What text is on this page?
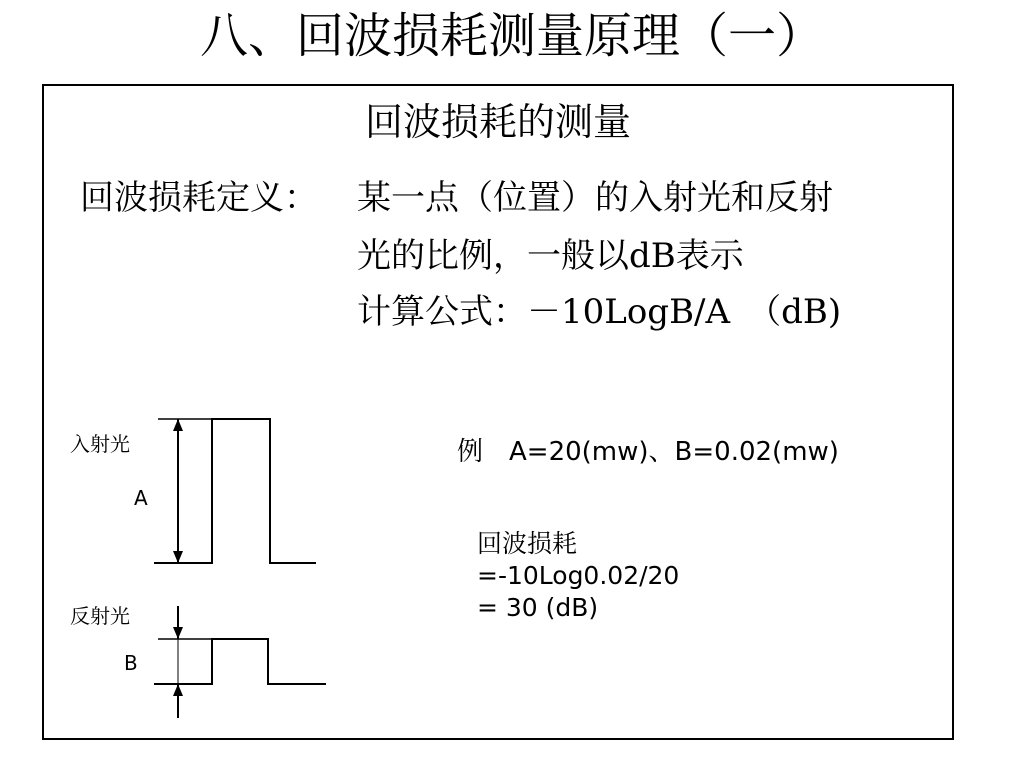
八、回波损耗测量原理（一）
回波损耗的测量
回波损耗定义： 某一点（位置）的入射光和反射
光的比例，一般以dB表示
计算公式：－10LogB/A　（dB)
入射光
A
反射光
B
例　A=20(mw)、B=0.02(mw)
回波损耗
=-10Log0.02/20
= 30 (dB)
